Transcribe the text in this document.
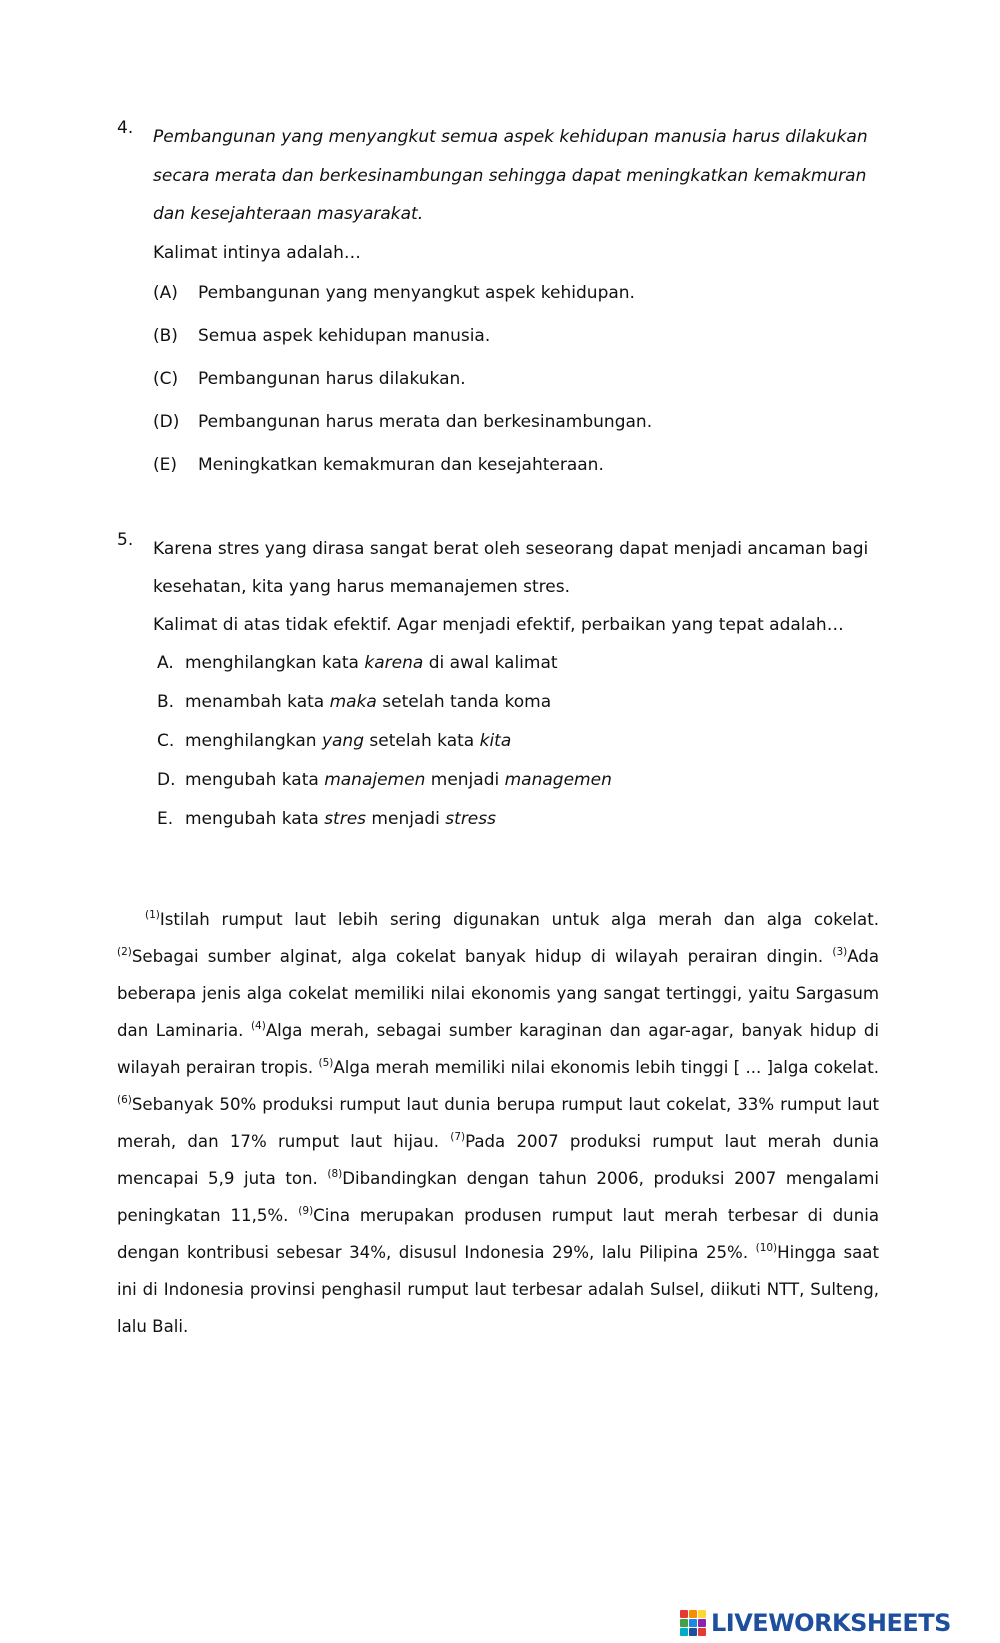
4. Pembangunan yang menyangkut semua aspek kehidupan manusia harus dilakukan
secara merata dan berkesinambungan sehingga dapat meningkatkan kemakmuran
dan kesejahteraan masyarakat.
Kalimat intinya adalah…
(A)	Pembangunan yang menyangkut aspek kehidupan.
(B)	Semua aspek kehidupan manusia.
(C)	Pembangunan harus dilakukan.
(D)	Pembangunan harus merata dan berkesinambungan.
(E)	Meningkatkan kemakmuran dan kesejahteraan.
5. Karena stres yang dirasa sangat berat oleh seseorang dapat menjadi ancaman bagi
kesehatan, kita yang harus memanajemen stres.
Kalimat di atas tidak efektif. Agar menjadi efektif, perbaikan yang tepat adalah…
A. menghilangkan kata karena di awal kalimat
B. menambah kata maka setelah tanda koma
C. menghilangkan yang setelah kata kita
D. mengubah kata manajemen menjadi managemen
E. mengubah kata stres menjadi stress

$^{(1)}$Istilah rumput laut lebih sering digunakan untuk alga merah dan alga cokelat. $^{(2)}$Sebagai sumber alginat, alga cokelat banyak hidup di wilayah perairan dingin. $^{(3)}$Ada beberapa jenis alga cokelat memiliki nilai ekonomis yang sangat tertinggi, yaitu Sargasum dan Laminaria. $^{(4)}$Alga merah, sebagai sumber karaginan dan agar-agar, banyak hidup di wilayah perairan tropis. $^{(5)}$Alga merah memiliki nilai ekonomis lebih tinggi [ ... ]alga cokelat. $^{(6)}$Sebanyak 50% produksi rumput laut dunia berupa rumput laut cokelat, 33% rumput laut merah, dan 17% rumput laut hijau. $^{(7)}$Pada 2007 produksi rumput laut merah dunia mencapai 5,9 juta ton. $^{(8)}$Dibandingkan dengan tahun 2006, produksi 2007 mengalami peningkatan 11,5%. $^{(9)}$Cina merupakan produsen rumput laut merah terbesar di dunia dengan kontribusi sebesar 34%, disusul Indonesia 29%, lalu Pilipina 25%. $^{(10)}$Hingga saat ini di Indonesia provinsi penghasil rumput laut terbesar adalah Sulsel, diikuti NTT, Sulteng, lalu Bali.

LIVEWORKSHEETS
